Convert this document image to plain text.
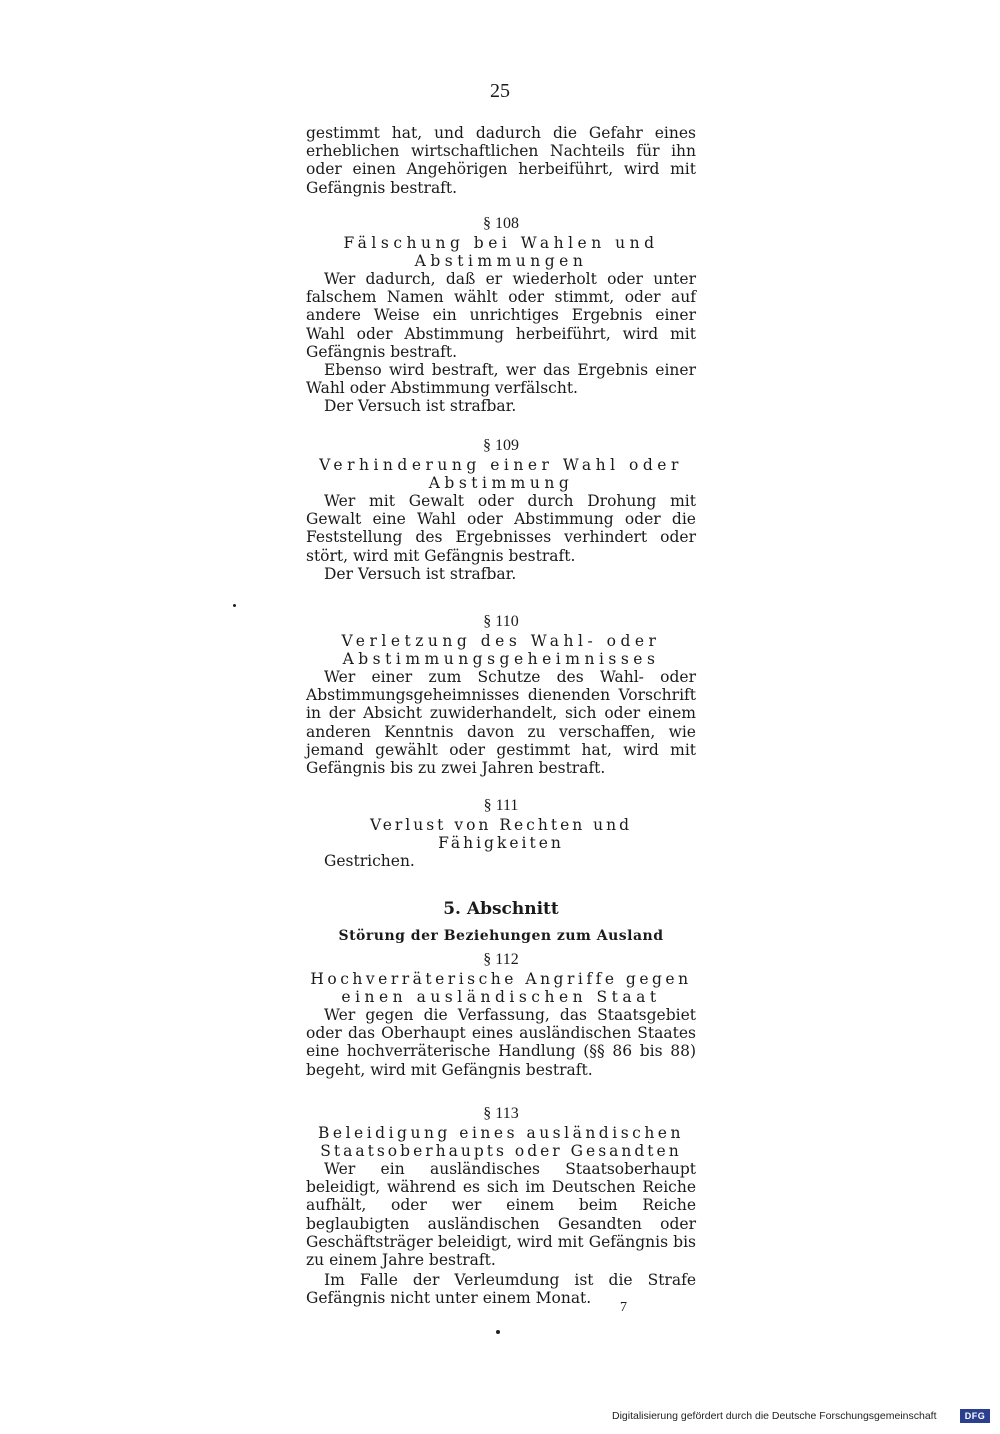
25

gestimmt hat, und dadurch die Gefahr eines erheblichen wirtschaftlichen Nachteils für ihn oder einen Angehörigen herbeiführt, wird mit Gefängnis bestraft.

§ 108

Fälschung bei Wahlen und

Abstimmungen

Wer dadurch, daß er wiederholt oder unter falschem Namen wählt oder stimmt, oder auf andere Weise ein unrichtiges Ergebnis einer Wahl oder Abstimmung herbeiführt, wird mit Gefängnis bestraft.

Ebenso wird bestraft, wer das Ergebnis einer Wahl oder Abstimmung verfälscht.

Der Versuch ist strafbar.

§ 109

Verhinderung einer Wahl oder

Abstimmung

Wer mit Gewalt oder durch Drohung mit Gewalt eine Wahl oder Abstimmung oder die Feststellung des Ergebnisses verhindert oder stört, wird mit Gefängnis bestraft.

Der Versuch ist strafbar.

§ 110

Verletzung des Wahl- oder

Abstimmungsgeheimnisses

Wer einer zum Schutze des Wahl- oder Abstimmungsgeheimnisses dienenden Vorschrift in der Absicht zuwiderhandelt, sich oder einem anderen Kenntnis davon zu verschaffen, wie jemand gewählt oder gestimmt hat, wird mit Gefängnis bis zu zwei Jahren bestraft.

§ 111

Verlust von Rechten und Fähigkeiten

Gestrichen.

5. Abschnitt

Störung der Beziehungen zum Ausland

§ 112

Hochverräterische Angriffe gegen

einen ausländischen Staat

Wer gegen die Verfassung, das Staatsgebiet oder das Oberhaupt eines ausländischen Staates eine hochverräterische Handlung (§§ 86 bis 88) begeht, wird mit Gefängnis bestraft.

§ 113

Beleidigung eines ausländischen

Staatsoberhaupts oder Gesandten

Wer ein ausländisches Staatsoberhaupt beleidigt, während es sich im Deutschen Reiche aufhält, oder wer einem beim Reiche beglaubigten ausländischen Gesandten oder Geschäftsträger beleidigt, wird mit Gefängnis bis zu einem Jahre bestraft.

Im Falle der Verleumdung ist die Strafe Gefängnis nicht unter einem Monat.

7
Digitalisierung gefördert durch die Deutsche Forschungsgemeinschaft	DFG
